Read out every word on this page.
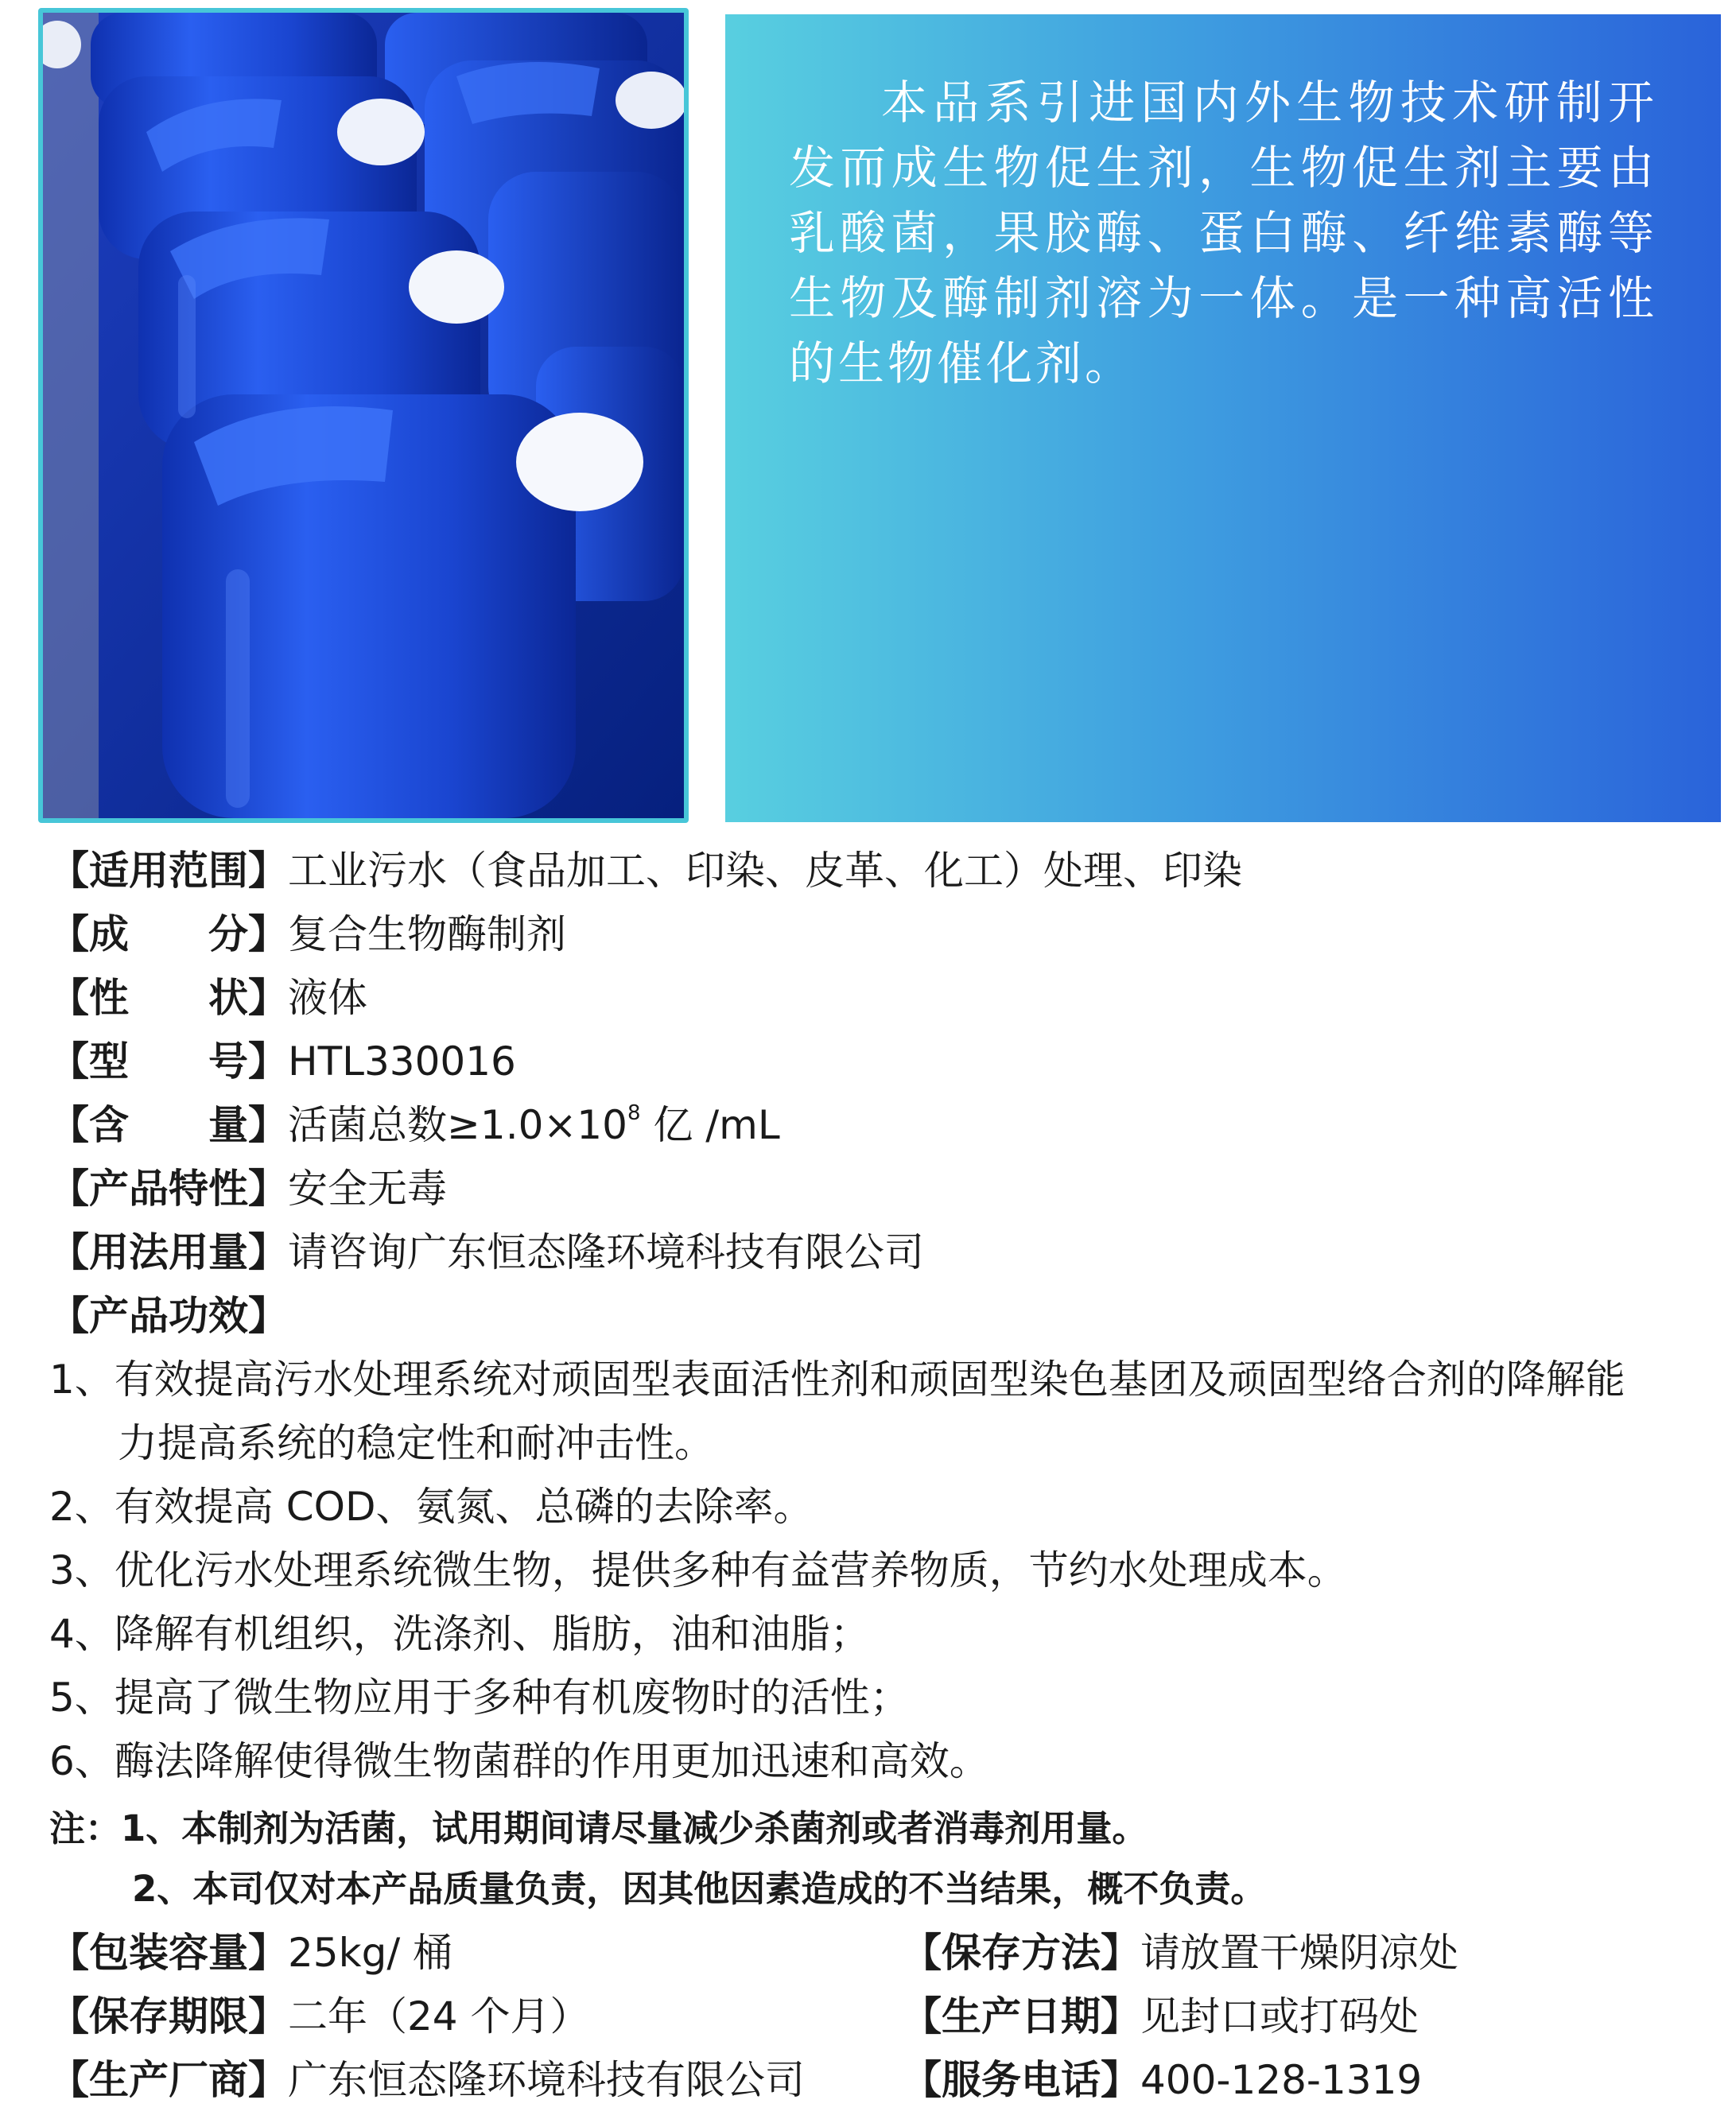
本品系引进国内外生物技术研制开发而成生物促生剂，生物促生剂主要由乳酸菌，果胶酶、蛋白酶、纤维素酶等生物及酶制剂溶为一体。是一种高活性的生物催化剂。

【适用范围】工业污水（食品加工、印染、皮革、化工）处理、印染
【成　　分】复合生物酶制剂
【性　　状】液体
【型　　号】HTL330016
【含　　量】活菌总数$\ge 1.0\times 10^8$ 亿 /mL
【产品特性】安全无毒
【用法用量】请咨询广东恒态隆环境科技有限公司
【产品功效】
1、有效提高污水处理系统对顽固型表面活性剂和顽固型染色基团及顽固型络合剂的降解能
力提高系统的稳定性和耐冲击性。
2、有效提高 COD、氨氮、总磷的去除率。
3、优化污水处理系统微生物，提供多种有益营养物质，节约水处理成本。
4、降解有机组织，洗涤剂、脂肪，油和油脂；
5、提高了微生物应用于多种有机废物时的活性；
6、酶法降解使得微生物菌群的作用更加迅速和高效。
注：1、本制剂为活菌，试用期间请尽量减少杀菌剂或者消毒剂用量。
2、本司仅对本产品质量负责，因其他因素造成的不当结果，概不负责。
【包装容量】25kg/ 桶	【保存方法】请放置干燥阴凉处
【保存期限】二年（24 个月）	【生产日期】见封口或打码处
【生产厂商】广东恒态隆环境科技有限公司 【服务电话】400-128-1319
